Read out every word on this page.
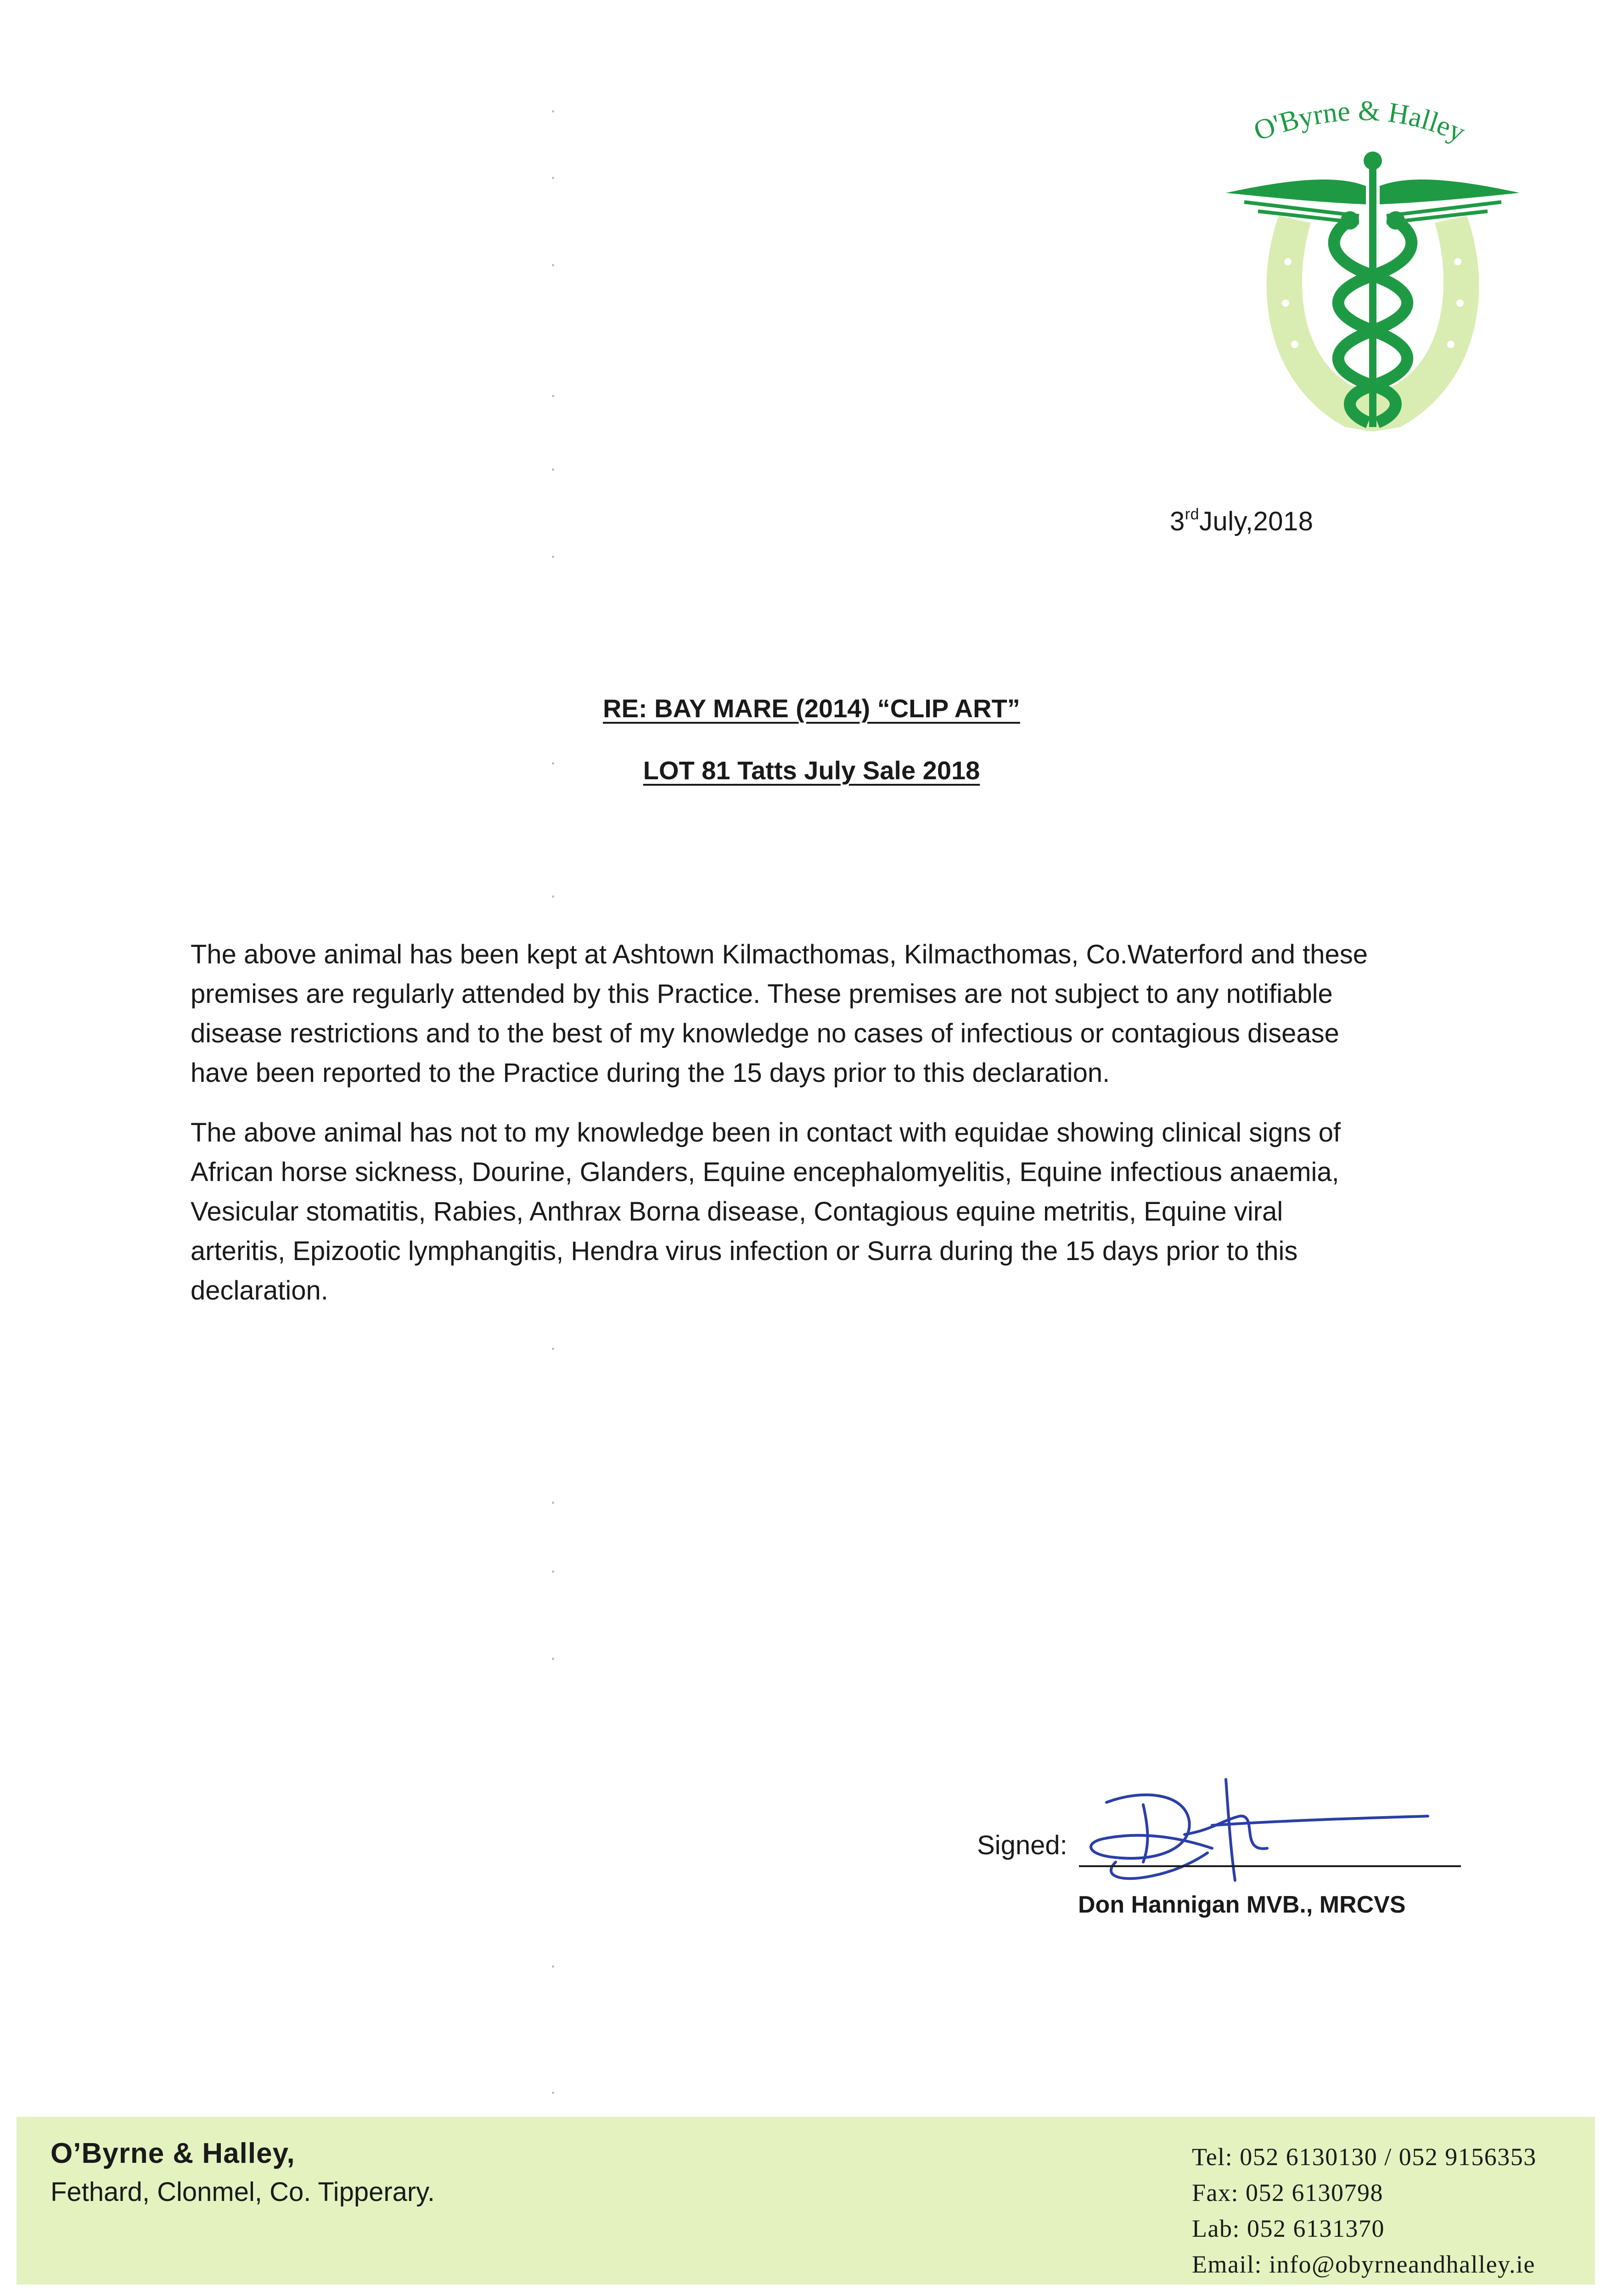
O'Byrne & Halley
3rdJuly,2018
RE: BAY MARE (2014) “CLIP ART”
LOT 81 Tatts July Sale 2018
The above animal has been kept at Ashtown Kilmacthomas, Kilmacthomas, Co.Waterford and these
premises are regularly attended by this Practice. These premises are not subject to any notifiable
disease restrictions and to the best of my knowledge no cases of infectious or contagious disease
have been reported to the Practice during the 15 days prior to this declaration.
The above animal has not to my knowledge been in contact with equidae showing clinical signs of
African horse sickness, Dourine, Glanders, Equine encephalomyelitis, Equine infectious anaemia,
Vesicular stomatitis, Rabies, Anthrax Borna disease, Contagious equine metritis, Equine viral
arteritis, Epizootic lymphangitis, Hendra virus infection or Surra during the 15 days prior to this
declaration.
Signed:
Don Hannigan MVB., MRCVS
O’Byrne & Halley,
Fethard, Clonmel, Co. Tipperary.
Tel: 052 6130130 / 052 9156353
Fax: 052 6130798
Lab: 052 6131370
Email: info@obyrneandhalley.ie
